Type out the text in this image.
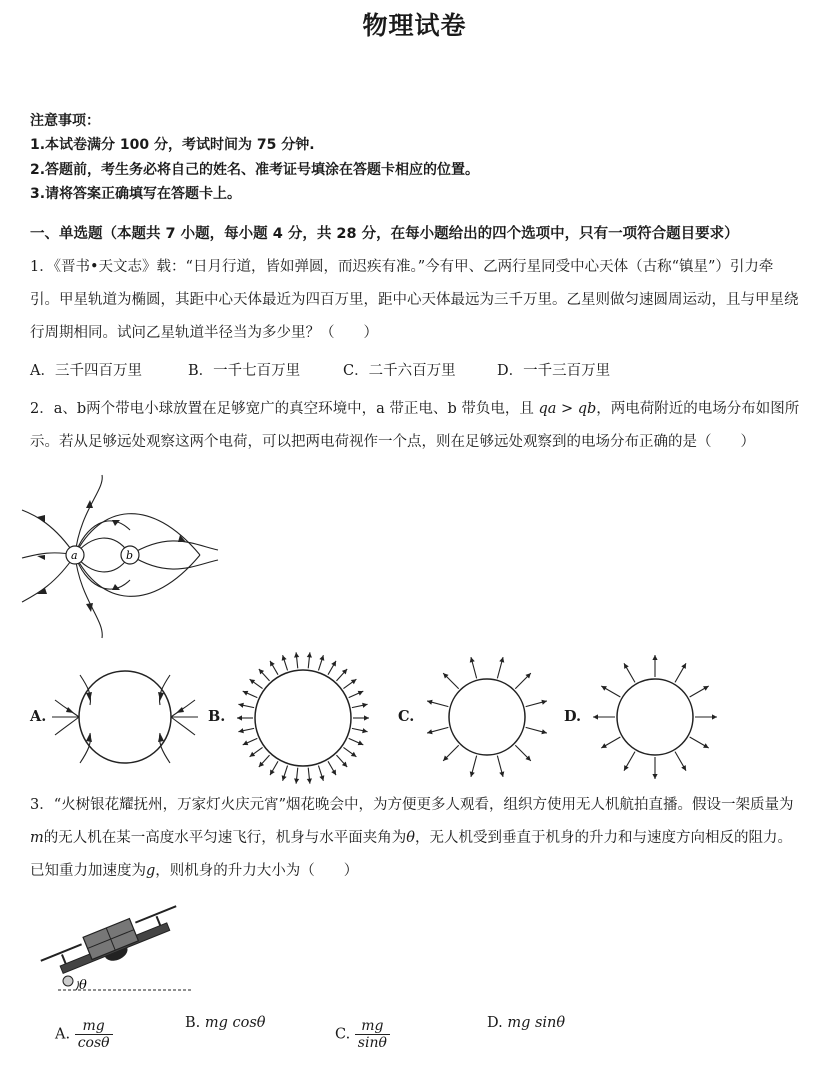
物理试卷
注意事项：
1.本试卷满分 100 分，考试时间为 75 分钟.
2.答题前，考生务必将自己的姓名、准考证号填涂在答题卡相应的位置。
3.请将答案正确填写在答题卡上。
一、单选题（本题共 7 小题，每小题 4 分，共 28 分，在每小题给出的四个选项中，只有一项符合题目要求）
1．《晋书•天文志》载：“日月行道，皆如弹圆，而迟疾有准。”今有甲、乙两行星同受中心天体（古称“镇星”）引力牵引。甲星轨道为椭圆，其距中心天体最近为四百万里，距中心天体最远为三千万里。乙星则做匀速圆周运动，且与甲星绕行周期相同。试问乙星轨道半径当为多少里？（　　）
A．三千四百万里	B．一千七百万里	C．二千六百万里	D．一千三百万里
2．a、b两个带电小球放置在足够宽广的真空环境中，a 带正电、b 带负电，且 qa > qb，两电荷附近的电场分布如图所示。若从足够远处观察这两个电荷，可以把两电荷视作一个点，则在足够远处观察到的电场分布正确的是（　　）
a	b
A.	B.	C.	D.
3．“火树银花耀抚州，万家灯火庆元宵”烟花晚会中，为方便更多人观看，组织方使用无人机航拍直播。假设一架质量为m的无人机在某一高度水平匀速飞行，机身与水平面夹角为θ，无人机受到垂直于机身的升力和与速度方向相反的阻力。已知重力加速度为g，则机身的升力大小为（　　）
θ
A. $\frac{mg}{\cos\theta}$	B. mg cosθ
C. $\frac{mg}{\sin\theta}$	D. mg sinθ
